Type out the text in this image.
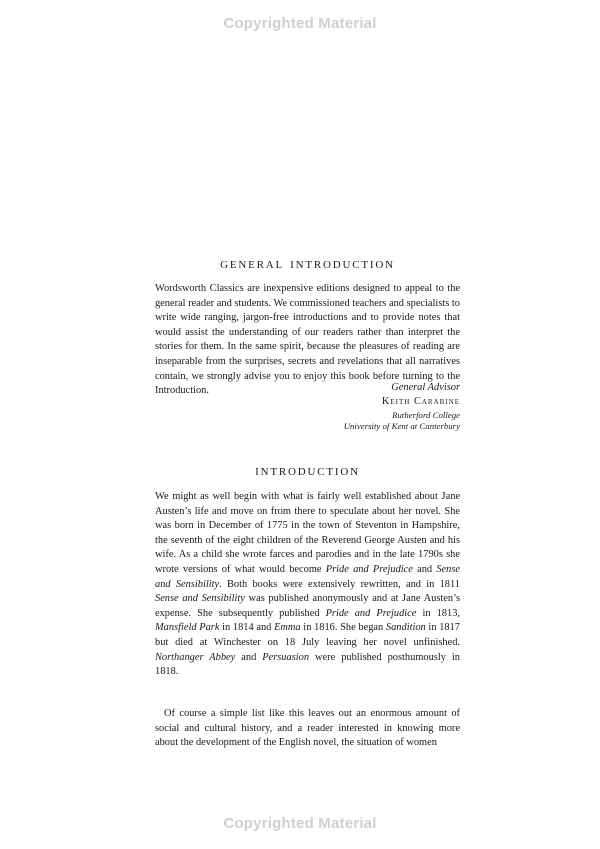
Copyrighted Material
GENERAL INTRODUCTION

Wordsworth Classics are inexpensive editions designed to appeal to the general reader and students. We commissioned teachers and specialists to write wide ranging, jargon-free introductions and to provide notes that would assist the understanding of our readers rather than interpret the stories for them. In the same spirit, because the pleasures of reading are inseparable from the surprises, secrets and revelations that all narratives contain, we strongly advise you to enjoy this book before turning to the Introduction.	General Advisor
Keith Carabine
Rutherford College
University of Kent at Canterbury
INTRODUCTION

We might as well begin with what is fairly well established about Jane Austen’s life and move on from there to speculate about her novel. She was born in December of 1775 in the town of Steventon in Hampshire, the seventh of the eight children of the Reverend George Austen and his wife. As a child she wrote farces and parodies and in the late 1790s she wrote versions of what would become Pride and Prejudice and Sense and Sensibility. Both books were extensively rewritten, and in 1811 Sense and Sensibility was published anonymously and at Jane Austen’s expense. She subsequently published Pride and Prejudice in 1813, Mansfield Park in 1814 and Emma in 1816. She began Sandition in 1817 but died at Winchester on 18 July leaving her novel unfinished. Northanger Abbey and Persuasion were published posthumously in 1818.

Of course a simple list like this leaves out an enormous amount of social and cultural history, and a reader interested in knowing more about the development of the English novel, the situation of women

Copyrighted Material
